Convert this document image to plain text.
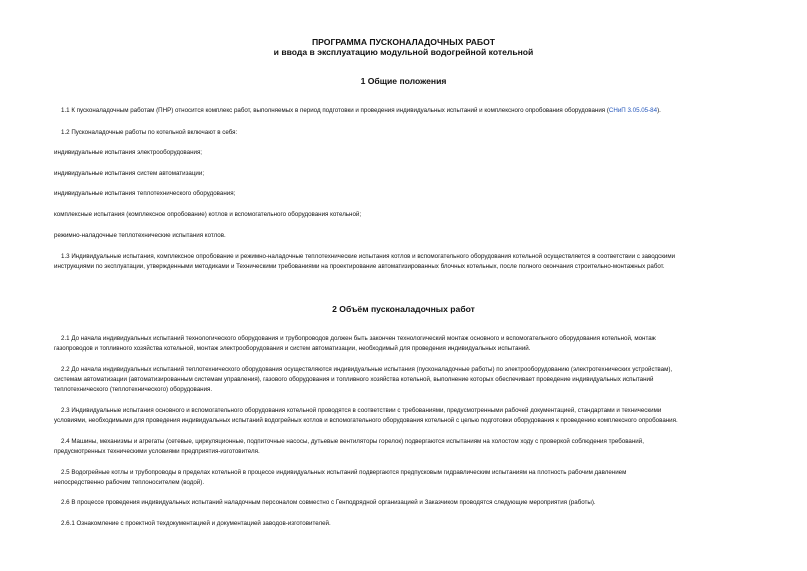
ПРОГРАММА ПУСКОНАЛАДОЧНЫХ РАБОТ
и ввода в эксплуатацию модульной водогрейной котельной
1 Общие положения
1.1 К пусконаладочным работам (ПНР) относится комплекс работ, выполняемых в период подготовки и проведения индивидуальных испытаний и комплексного опробования оборудования (СНиП 3.05.05-84).
1.2 Пусконаладочные работы по котельной включают в себя:
индивидуальные испытания электрооборудования;
индивидуальные испытания систем автоматизации;
индивидуальные испытания теплотехнического оборудования;
комплексные испытания (комплексное опробование) котлов и вспомогательного оборудования котельной;
режимно-наладочные теплотехнические испытания котлов.
1.3 Индивидуальные испытания, комплексное опробование и режимно-наладочные теплотехнические испытания котлов и вспомогательного оборудования котельной осуществляется в соответствии с заводскими
инструкциями по эксплуатации, утвержденными методиками и Техническими требованиями на проектирование автоматизированных блочных котельных, после полного окончания строительно-монтажных работ.
2 Объём пусконаладочных работ
2.1 До начала индивидуальных испытаний технологического оборудования и трубопроводов должен быть закончен технологический монтаж основного и вспомогательного оборудования котельной, монтаж
газопроводов и топливного хозяйства котельной, монтаж электрооборудования и систем автоматизации, необходимый для проведения индивидуальных испытаний.
2.2 До начала индивидуальных испытаний теплотехнического оборудования осуществляются индивидуальные испытания (пусконаладочные работы) по электрооборудованию (электротехнических устройствам),
системам автоматизации (автоматизированным системам управления), газового оборудования и топливного хозяйства котельной, выполнение которых обеспечивает проведение индивидуальных испытаний
теплотехнического (теплотехнического) оборудования.
2.3 Индивидуальные испытания основного и вспомогательного оборудования котельной проводятся в соответствии с требованиями, предусмотренными рабочей документацией, стандартами и техническими
условиями, необходимыми для проведения индивидуальных испытаний водогрейных котлов и вспомогательного оборудования котельной с целью подготовки оборудования к проведению комплексного опробования.
2.4 Машины, механизмы и агрегаты (сетевые, циркуляционные, подпиточные насосы, дутьевые вентиляторы горелок) подвергаются испытаниям на холостом ходу с проверкой соблюдения требований,
предусмотренных техническими условиями предприятия-изготовителя.
2.5 Водогрейные котлы и трубопроводы в пределах котельной в процессе индивидуальных испытаний подвергаются предпусковым гидравлическим испытаниям на плотность рабочим давлением
непосредственно рабочим теплоносителем (водой).
2.6 В процессе проведения индивидуальных испытаний наладочным персоналом совместно с Генподрядной организацией и Заказчиком проводятся следующие мероприятия (работы).
2.6.1 Ознакомление с проектной техдокументацией и документацией заводов-изготовителей.
